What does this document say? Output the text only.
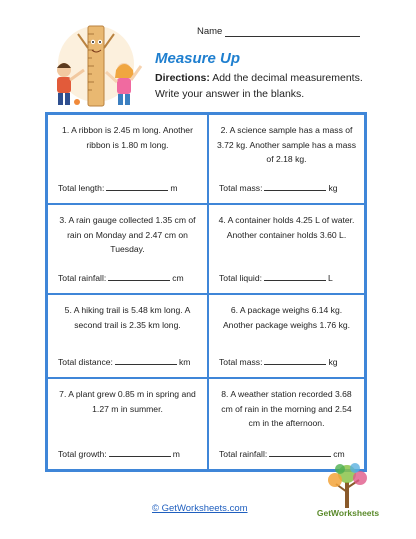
Name
Measure Up
Directions: Add the decimal measurements. Write your answer in the blanks.
1. A ribbon is 2.45 m long. Another ribbon is 1.80 m long.
Total length:	m
2. A science sample has a mass of 3.72 kg. Another sample has a mass of 2.18 kg.
Total mass:	kg
3. A rain gauge collected 1.35 cm of rain on Monday and 2.47 cm on Tuesday.
Total rainfall:	cm
4. A container holds 4.25 L of water. Another container holds 3.60 L.
Total liquid:	L
5. A hiking trail is 5.48 km long. A second trail is 2.35 km long.
Total distance:	km
6. A package weighs 6.14 kg. Another package weighs 1.76 kg.
Total mass:	kg
7. A plant grew 0.85 m in spring and 1.27 m in summer.
Total growth:	m
8. A weather station recorded 3.68 cm of rain in the morning and 2.54 cm in the afternoon.
Total rainfall:	cm
© GetWorksheets.com	GetWorksheets
